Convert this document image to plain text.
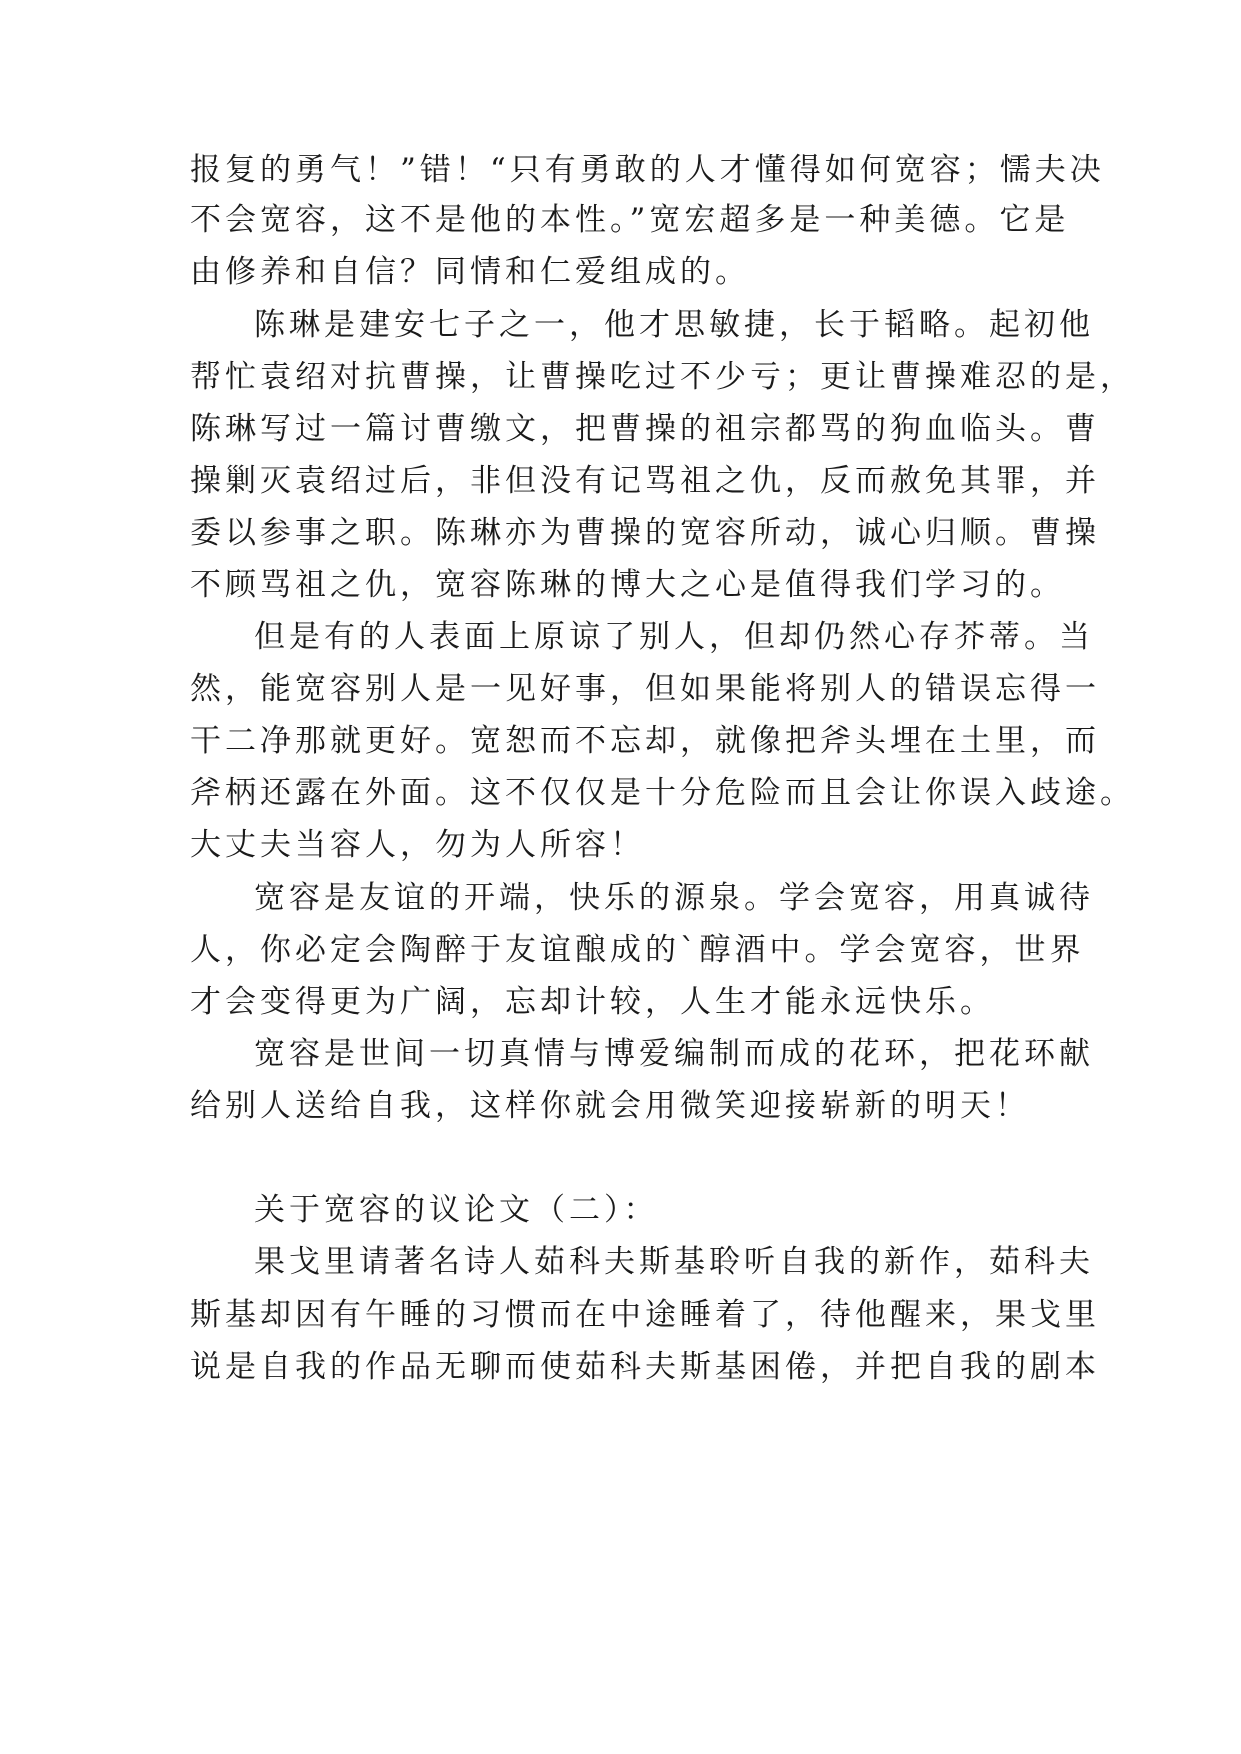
报复的勇气！”错！“只有勇敢的人才懂得如何宽容；懦夫决
不会宽容，这不是他的本性。”宽宏超多是一种美德。它是
由修养和自信？同情和仁爱组成的。
陈琳是建安七子之一，他才思敏捷，长于韬略。起初他
帮忙袁绍对抗曹操，让曹操吃过不少亏；更让曹操难忍的是，
陈琳写过一篇讨曹缴文，把曹操的祖宗都骂的狗血临头。曹
操剿灭袁绍过后，非但没有记骂祖之仇，反而赦免其罪，并
委以参事之职。陈琳亦为曹操的宽容所动，诚心归顺。曹操
不顾骂祖之仇，宽容陈琳的博大之心是值得我们学习的。
但是有的人表面上原谅了别人，但却仍然心存芥蒂。当
然，能宽容别人是一见好事，但如果能将别人的错误忘得一
干二净那就更好。宽恕而不忘却，就像把斧头埋在土里，而
斧柄还露在外面。这不仅仅是十分危险而且会让你误入歧途。
大丈夫当容人，勿为人所容！
宽容是友谊的开端，快乐的源泉。学会宽容，用真诚待
人，你必定会陶醉于友谊酿成的`醇酒中。学会宽容，世界
才会变得更为广阔，忘却计较，人生才能永远快乐。
宽容是世间一切真情与博爱编制而成的花环，把花环献
给别人送给自我，这样你就会用微笑迎接崭新的明天！
关于宽容的议论文（二）：
果戈里请著名诗人茹科夫斯基聆听自我的新作，茹科夫
斯基却因有午睡的习惯而在中途睡着了，待他醒来，果戈里
说是自我的作品无聊而使茹科夫斯基困倦，并把自我的剧本
